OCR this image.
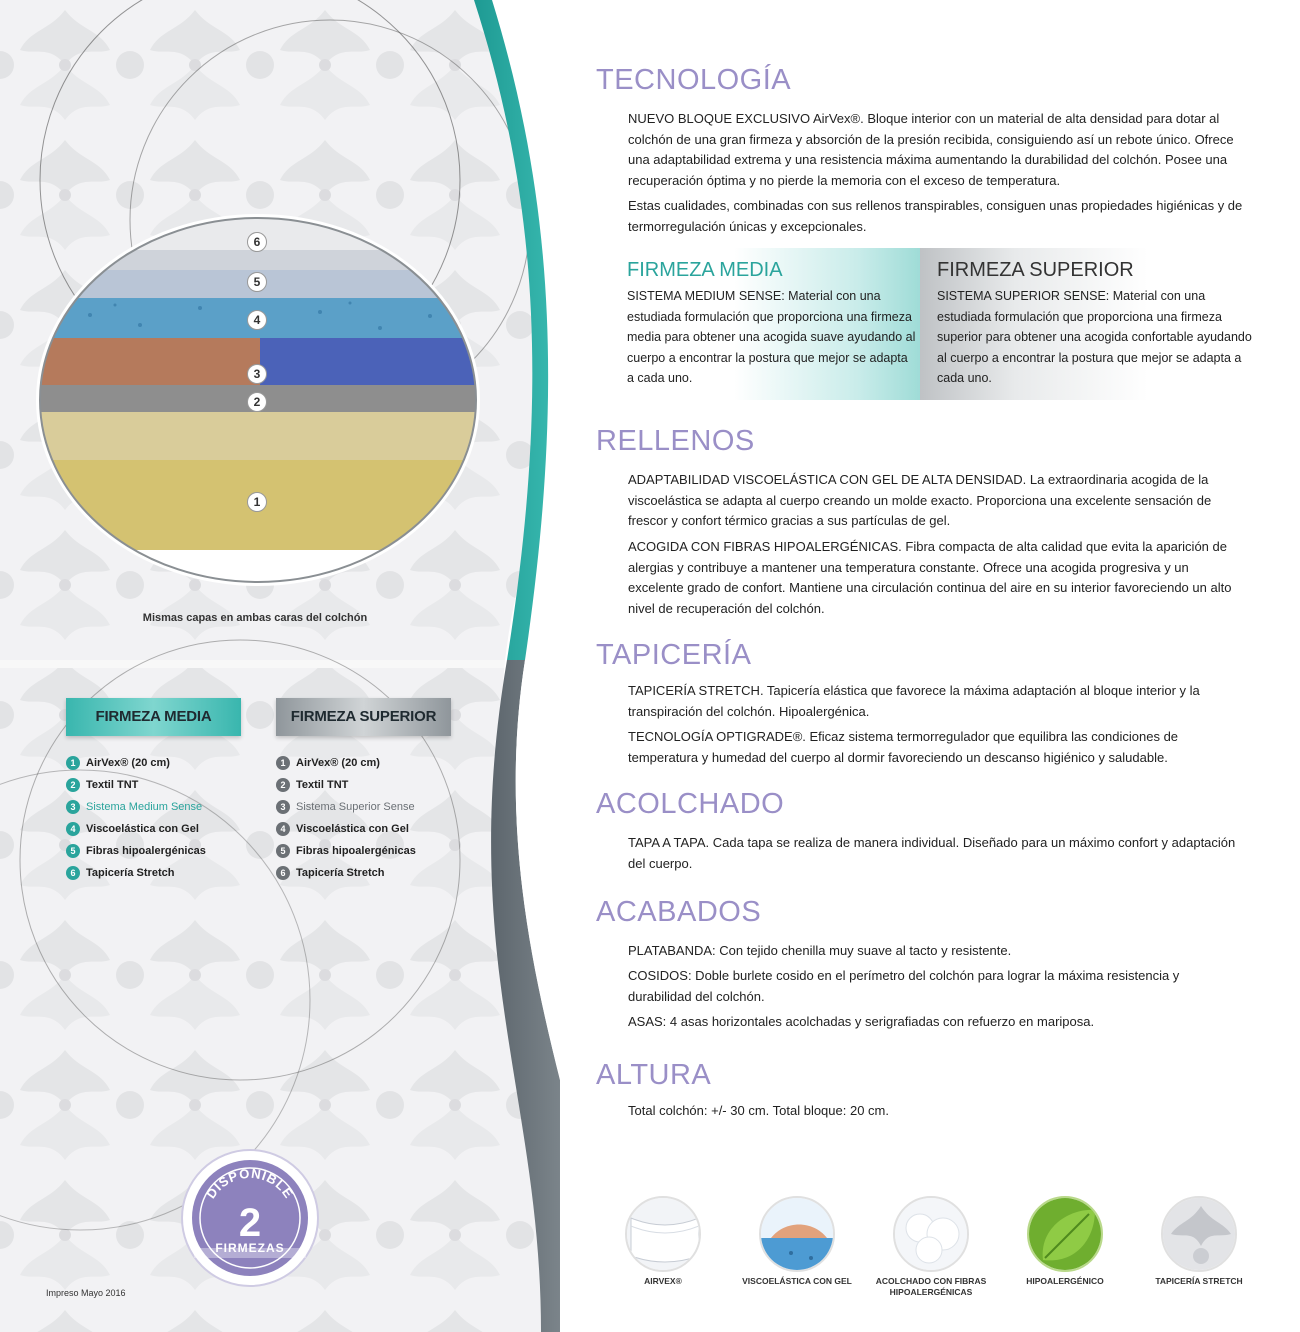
6
5
4
3
2
1
Mismas capas en ambas caras del colchón
FIRMEZA MEDIA
1 AirVex® (20 cm)
2 Textil TNT
3 Sistema Medium Sense
4 Viscoelástica con Gel
5 Fibras hipoalergénicas
6 Tapicería Stretch
FIRMEZA SUPERIOR
1 AirVex® (20 cm)
2 Textil TNT
3 Sistema Superior Sense
4 Viscoelástica con Gel
5 Fibras hipoalergénicas
6 Tapicería Stretch
DISPONIBLE
2
FIRMEZAS
Impreso Mayo 2016
TECNOLOGÍA
NUEVO BLOQUE EXCLUSIVO AirVex®. Bloque interior con un material de alta densidad para dotar al colchón de una gran firmeza y absorción de la presión recibida, consiguiendo así un rebote único. Ofrece una adaptabilidad extrema y una resistencia máxima aumentando la durabilidad del colchón. Posee una recuperación óptima y no pierde la memoria con el exceso de temperatura.
Estas cualidades, combinadas con sus rellenos transpirables, consiguen unas propiedades higiénicas y de termorregulación únicas y excepcionales.
FIRMEZA MEDIA
SISTEMA MEDIUM SENSE: Material con una estudiada formulación que proporciona una firmeza media para obtener una acogida suave ayudando al cuerpo a encontrar la postura que mejor se adapta a cada uno.
FIRMEZA SUPERIOR
SISTEMA SUPERIOR SENSE: Material con una estudiada formulación que proporciona una firmeza superior para obtener una acogida confortable ayudando al cuerpo a encontrar la postura que mejor se adapta a cada uno.
RELLENOS
ADAPTABILIDAD VISCOELÁSTICA CON GEL DE ALTA DENSIDAD. La extraordinaria acogida de la viscoelástica se adapta al cuerpo creando un molde exacto. Proporciona una excelente sensación de frescor y confort térmico gracias a sus partículas de gel.
ACOGIDA CON FIBRAS HIPOALERGÉNICAS. Fibra compacta de alta calidad que evita la aparición de alergias y contribuye a mantener una temperatura constante. Ofrece una acogida progresiva y un excelente grado de confort. Mantiene una circulación continua del aire en su interior favoreciendo un alto nivel de recuperación del colchón.
TAPICERÍA
TAPICERÍA STRETCH. Tapicería elástica que favorece la máxima adaptación al bloque interior y la transpiración del colchón. Hipoalergénica.
TECNOLOGÍA OPTIGRADE®. Eficaz sistema termorregulador que equilibra las condiciones de temperatura y humedad del cuerpo al dormir favoreciendo un descanso higiénico y saludable.
ACOLCHADO
TAPA A TAPA. Cada tapa se realiza de manera individual. Diseñado para un máximo confort y adaptación del cuerpo.
ACABADOS
PLATABANDA: Con tejido chenilla muy suave al tacto y resistente.
COSIDOS: Doble burlete cosido en el perímetro del colchón para lograr la máxima resistencia y durabilidad del colchón.
ASAS: 4 asas horizontales acolchadas y serigrafiadas con refuerzo en mariposa.
ALTURA
Total colchón: +/- 30 cm. Total bloque: 20 cm.
AIRVEX®	VISCOELÁSTICA CON GEL	ACOLCHADO CON FIBRAS HIPOALERGÉNICAS
HIPOALERGÉNICO	TAPICERÍA STRETCH
